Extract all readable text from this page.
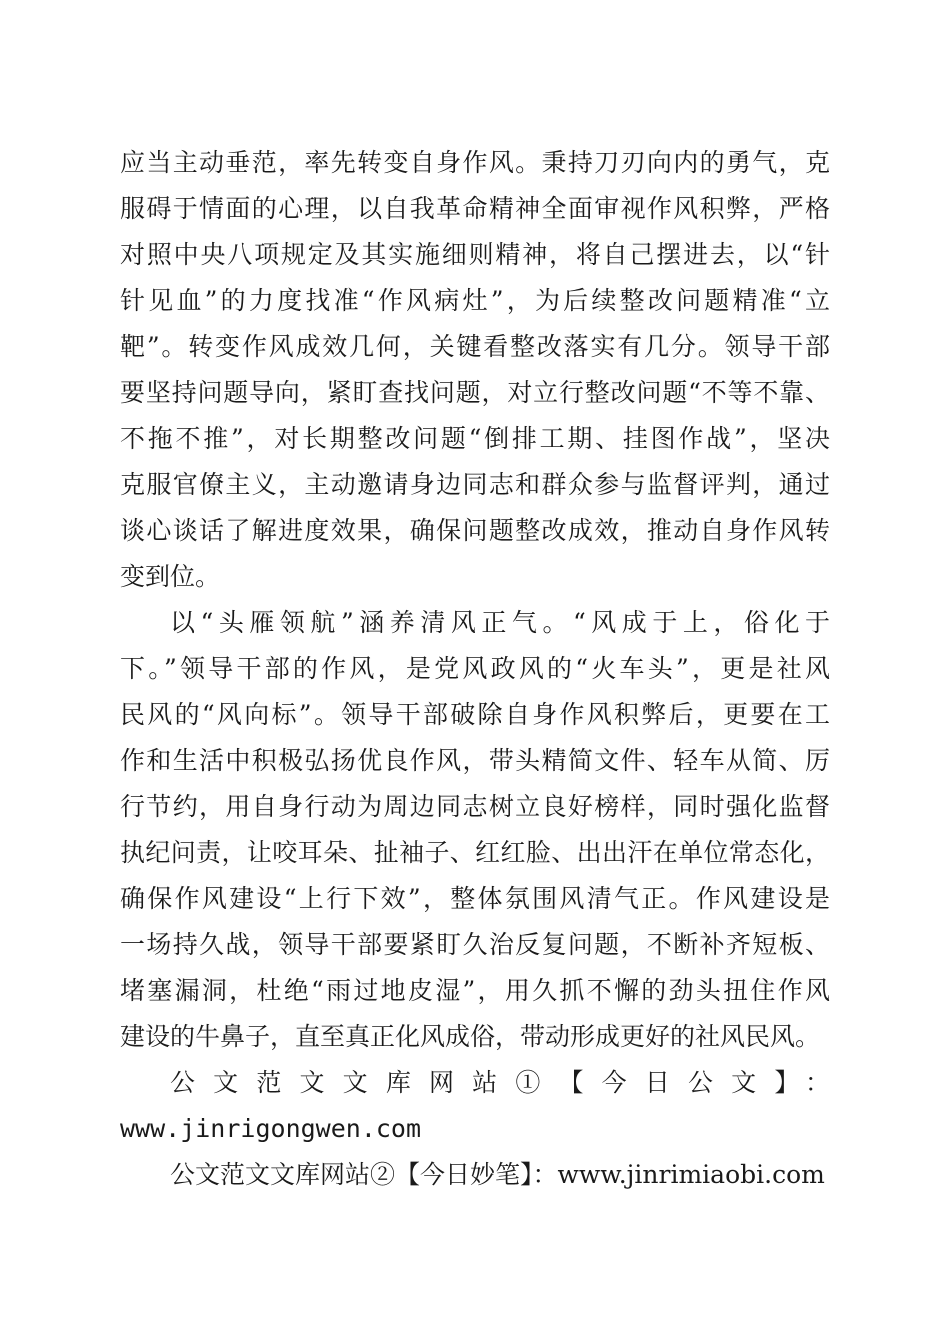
应当主动垂范，率先转变自身作风。秉持刀刃向内的勇气，克
服碍于情面的心理，以自我革命精神全面审视作风积弊，严格
对照中央八项规定及其实施细则精神，将自己摆进去，以“针
针见血”的力度找准“作风病灶”，为后续整改问题精准“立
靶”。转变作风成效几何，关键看整改落实有几分。领导干部
要坚持问题导向，紧盯查找问题，对立行整改问题“不等不靠、
不拖不推”，对长期整改问题“倒排工期、挂图作战”，坚决
克服官僚主义，主动邀请身边同志和群众参与监督评判，通过
谈心谈话了解进度效果，确保问题整改成效，推动自身作风转
变到位。
以“头雁领航”涵养清风正气。“风成于上，俗化于
下。”领导干部的作风，是党风政风的“火车头”，更是社风
民风的“风向标”。领导干部破除自身作风积弊后，更要在工
作和生活中积极弘扬优良作风，带头精简文件、轻车从简、厉
行节约，用自身行动为周边同志树立良好榜样，同时强化监督
执纪问责，让咬耳朵、扯袖子、红红脸、出出汗在单位常态化，
确保作风建设“上行下效”，整体氛围风清气正。作风建设是
一场持久战，领导干部要紧盯久治反复问题，不断补齐短板、
堵塞漏洞，杜绝“雨过地皮湿”，用久抓不懈的劲头扭住作风
建设的牛鼻子，直至真正化风成俗，带动形成更好的社风民风。
公文范文文库网站①【今日公文】：
www.jinrigongwen.com
公文范文文库网站②【今日妙笔】：www.jinrimiaobi.com
